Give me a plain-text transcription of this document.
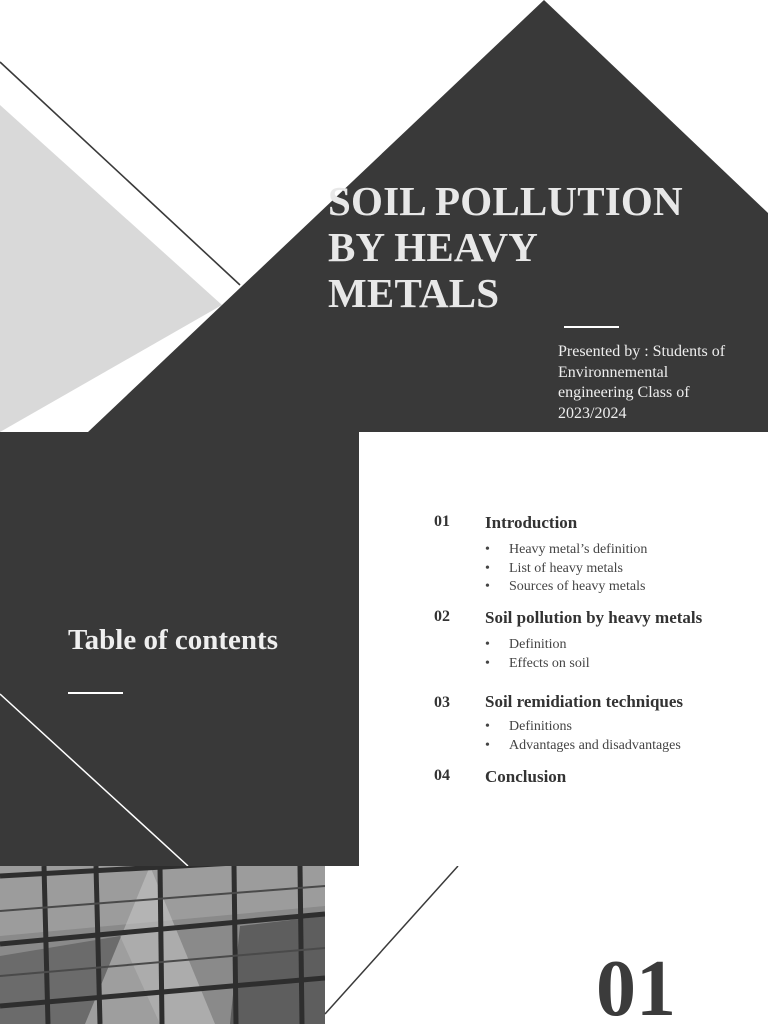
SOIL POLLUTION
BY HEAVY
METALS
Presented by : Students of
Environnemental
engineering Class of
2023/2024
Table of contents
01 Introduction
• Heavy metal’s definition
• List of heavy metals
• Sources of heavy metals
02 Soil pollution by heavy metals
• Definition
• Effects on soil
03 Soil remidiation techniques
• Definitions
• Advantages and disadvantages
04 Conclusion
01
